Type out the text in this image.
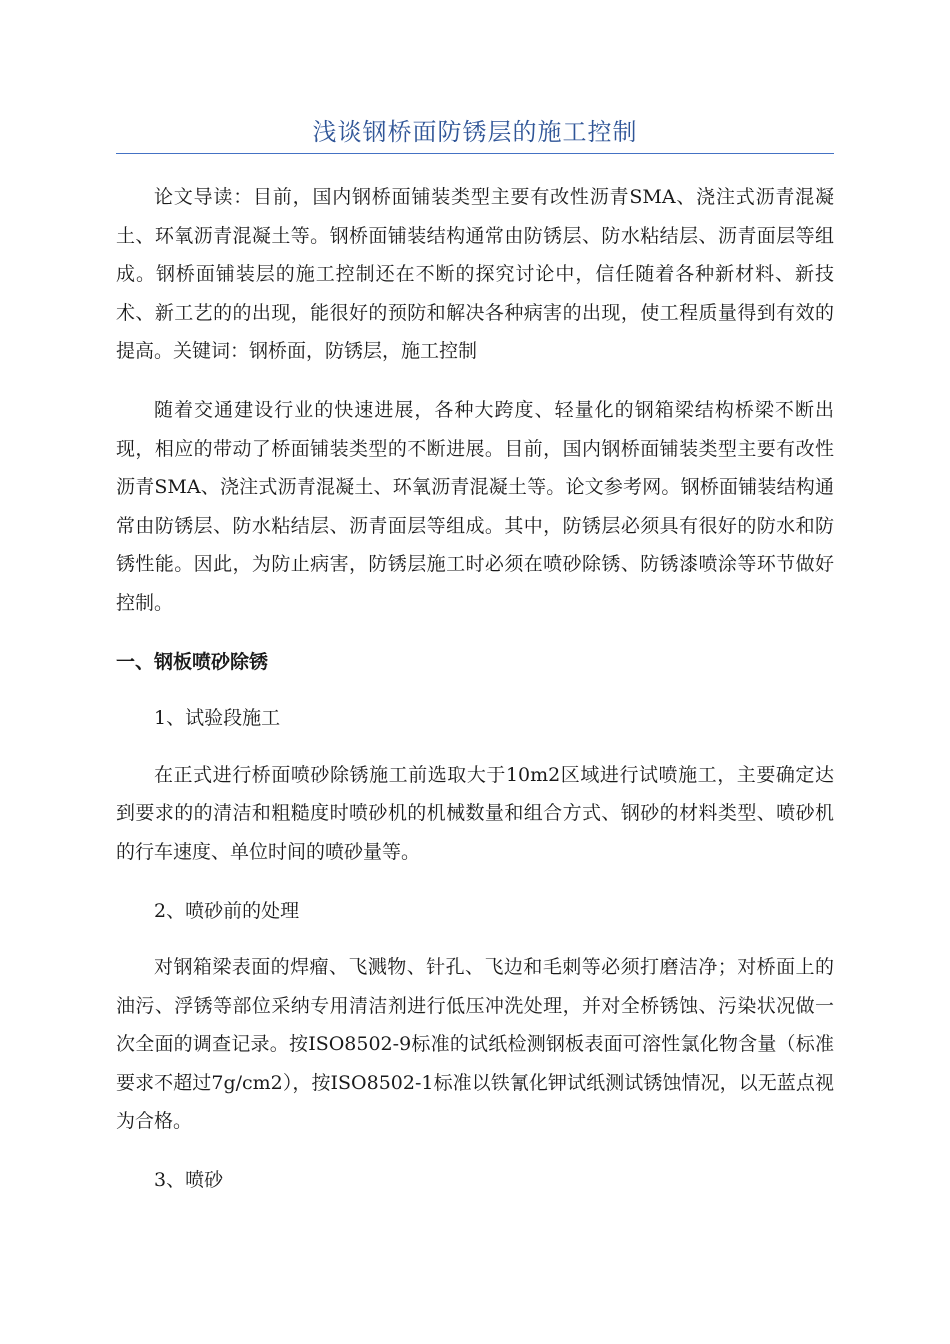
浅谈钢桥面防锈层的施工控制

论文导读：目前，国内钢桥面铺装类型主要有改性沥青SMA、浇注式沥青混凝土、环氧沥青混凝土等。钢桥面铺装结构通常由防锈层、防水粘结层、沥青面层等组成。钢桥面铺装层的施工控制还在不断的探究讨论中，信任随着各种新材料、新技术、新工艺的的出现，能很好的预防和解决各种病害的出现，使工程质量得到有效的提高。关键词：钢桥面，防锈层，施工控制

随着交通建设行业的快速进展，各种大跨度、轻量化的钢箱梁结构桥梁不断出现，相应的带动了桥面铺装类型的不断进展。目前，国内钢桥面铺装类型主要有改性沥青SMA、浇注式沥青混凝土、环氧沥青混凝土等。论文参考网。钢桥面铺装结构通常由防锈层、防水粘结层、沥青面层等组成。其中，防锈层必须具有很好的防水和防锈性能。因此，为防止病害，防锈层施工时必须在喷砂除锈、防锈漆喷涂等环节做好控制。

一、钢板喷砂除锈
1、试验段施工

在正式进行桥面喷砂除锈施工前选取大于10m2区域进行试喷施工，主要确定达到要求的的清洁和粗糙度时喷砂机的机械数量和组合方式、钢砂的材料类型、喷砂机的行车速度、单位时间的喷砂量等。

2、喷砂前的处理

对钢箱梁表面的焊瘤、飞溅物、针孔、飞边和毛刺等必须打磨洁净；对桥面上的油污、浮锈等部位采纳专用清洁剂进行低压冲洗处理，并对全桥锈蚀、污染状况做一次全面的调查记录。按ISO8502-9标准的试纸检测钢板表面可溶性氯化物含量（标准要求不超过7g/cm2），按ISO8502-1标准以铁氰化钾试纸测试锈蚀情况，以无蓝点视为合格。

3、喷砂
